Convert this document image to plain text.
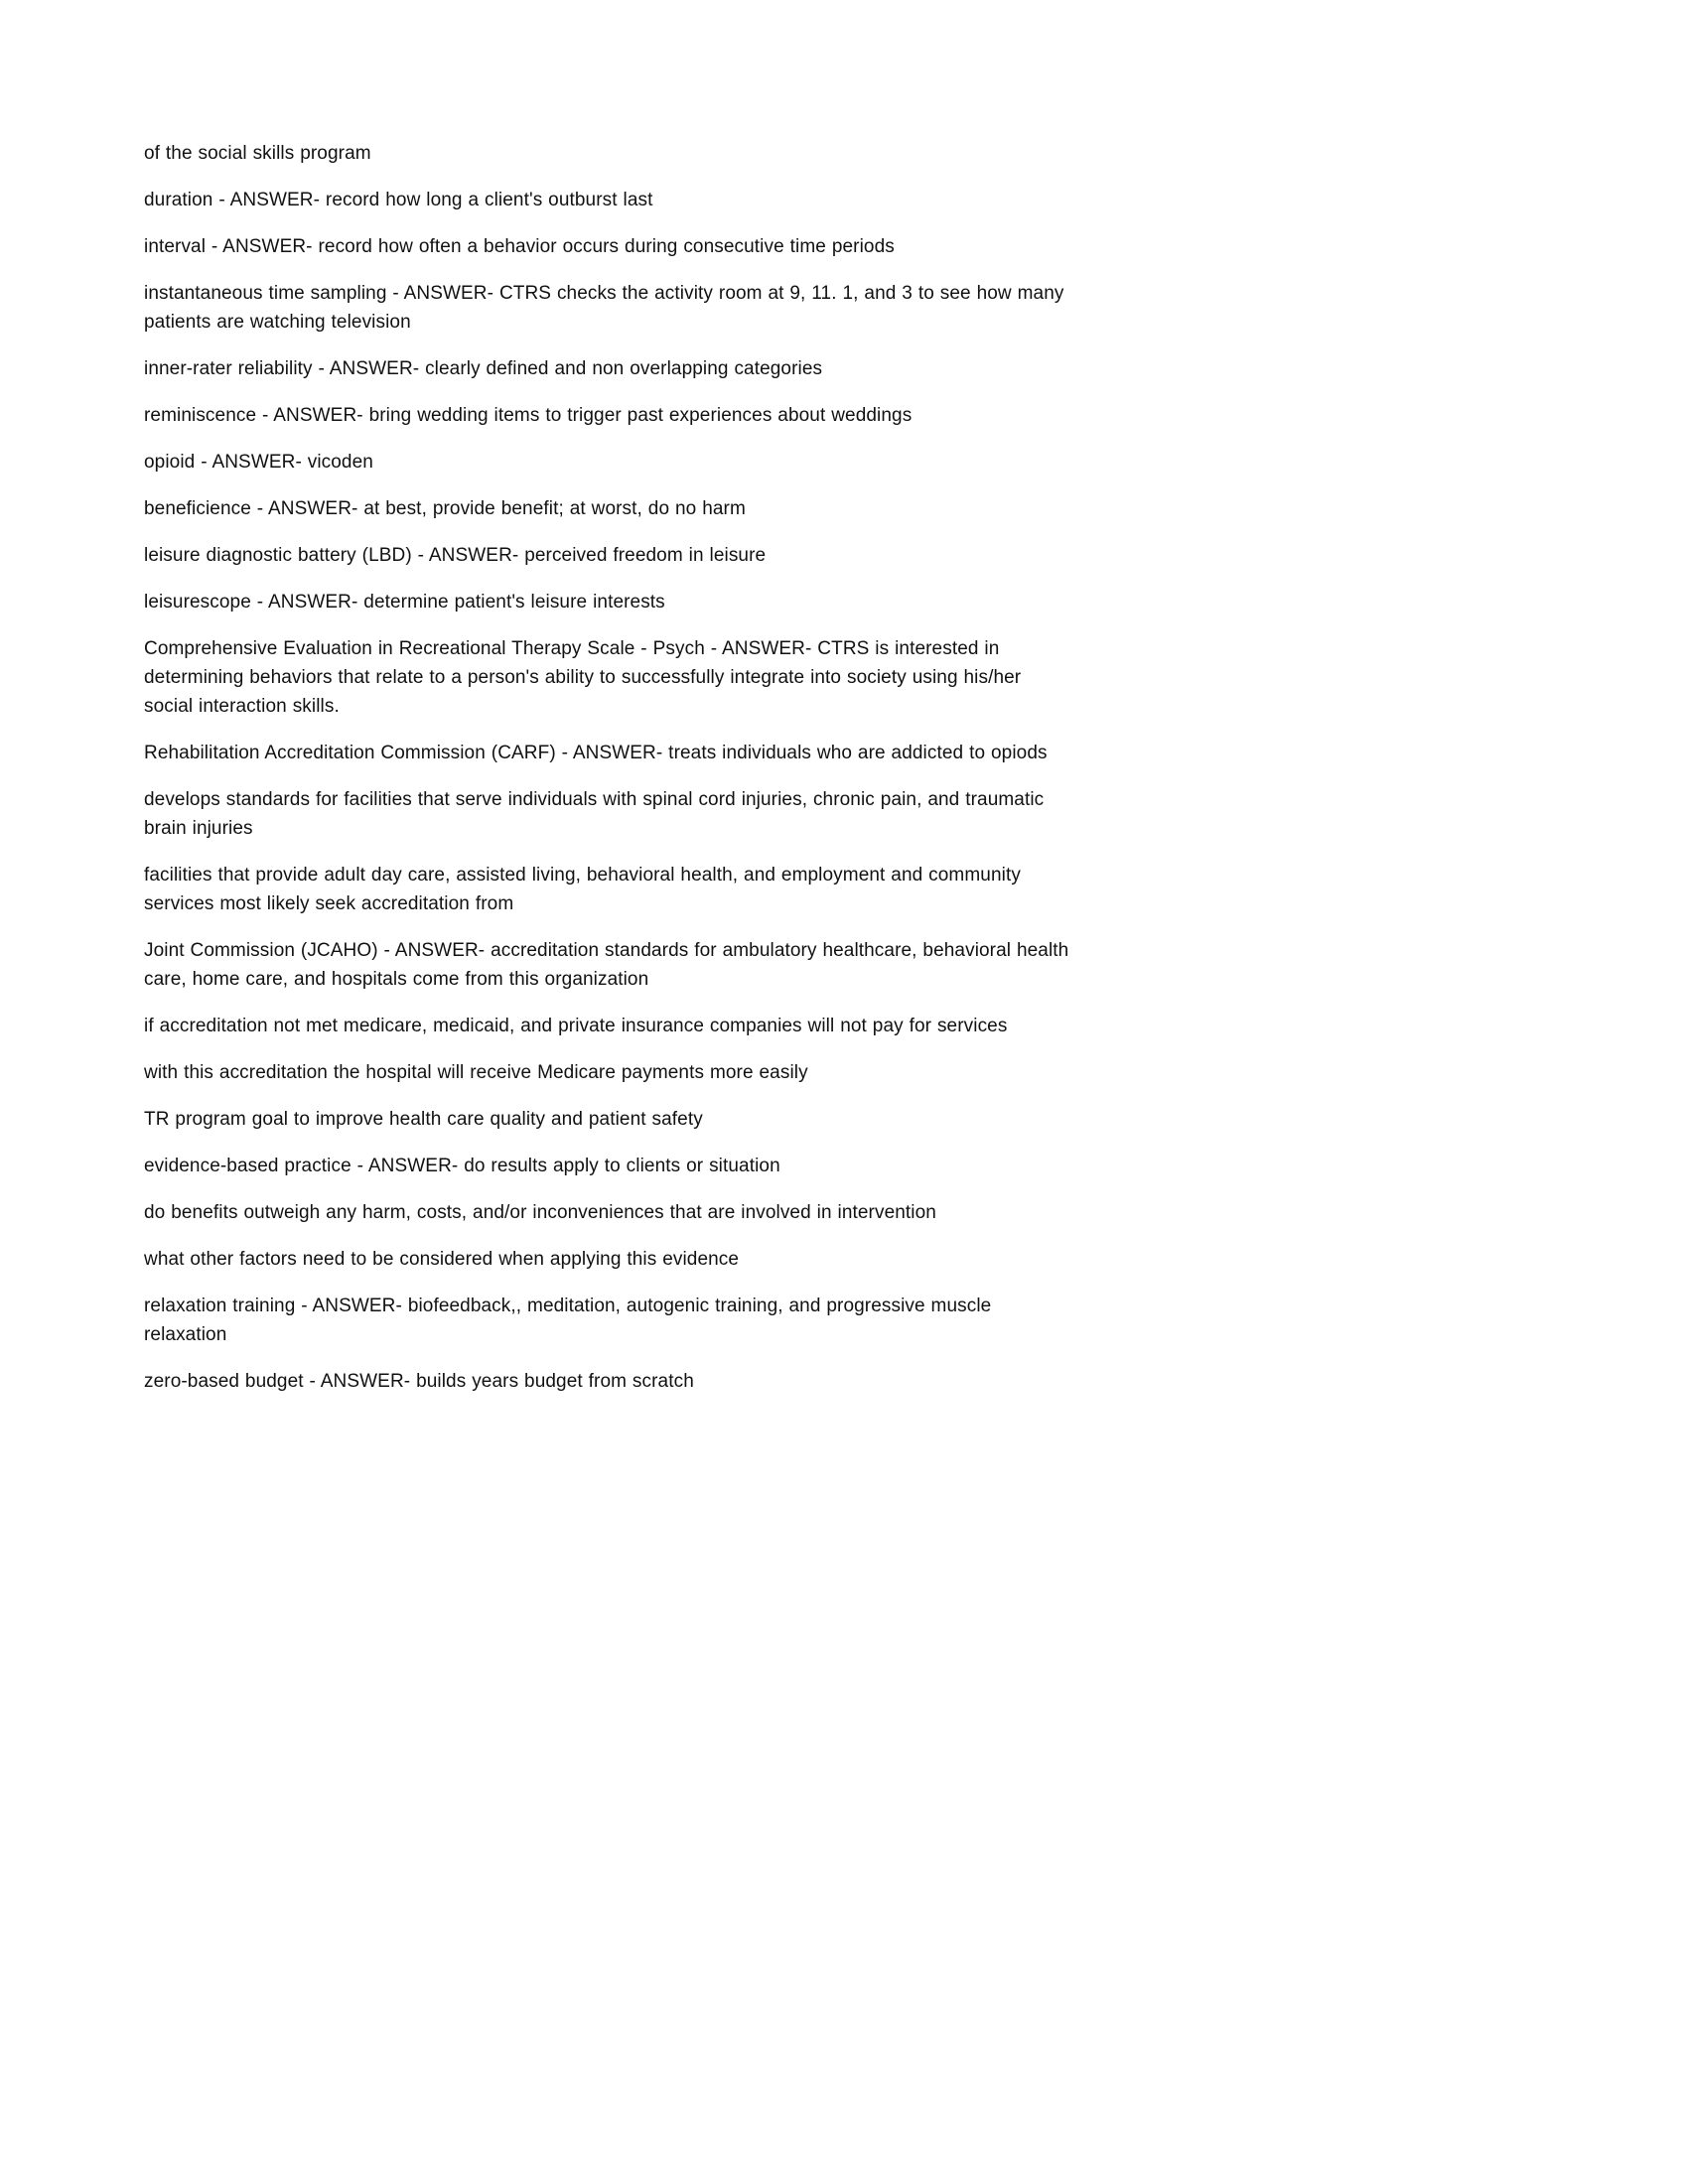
of the social skills program

duration - ANSWER- record how long a client's outburst last

interval - ANSWER- record how often a behavior occurs during consecutive time periods

instantaneous time sampling - ANSWER- CTRS checks the activity room at 9, 11. 1, and 3 to see how many patients are watching television

inner-rater reliability - ANSWER- clearly defined and non overlapping categories

reminiscence - ANSWER- bring wedding items to trigger past experiences about weddings

opioid - ANSWER- vicoden

beneficience - ANSWER- at best, provide benefit; at worst, do no harm

leisure diagnostic battery (LBD) - ANSWER- perceived freedom in leisure

leisurescope - ANSWER- determine patient's leisure interests

Comprehensive Evaluation in Recreational Therapy Scale - Psych - ANSWER- CTRS is interested in determining behaviors that relate to a person's ability to successfully integrate into society using his/her social interaction skills.

Rehabilitation Accreditation Commission (CARF) - ANSWER- treats individuals who are addicted to opiods

develops standards for facilities that serve individuals with spinal cord injuries, chronic pain, and traumatic brain injuries

facilities that provide adult day care, assisted living, behavioral health, and employment and community services most likely seek accreditation from

Joint Commission (JCAHO) - ANSWER- accreditation standards for ambulatory healthcare, behavioral health care, home care, and hospitals come from this organization

if accreditation not met medicare, medicaid, and private insurance companies will not pay for services

with this accreditation the hospital will receive Medicare payments more easily

TR program goal to improve health care quality and patient safety

evidence-based practice - ANSWER- do results apply to clients or situation

do benefits outweigh any harm, costs, and/or inconveniences that are involved in intervention

what other factors need to be considered when applying this evidence

relaxation training - ANSWER- biofeedback,, meditation, autogenic training, and progressive muscle relaxation

zero-based budget - ANSWER- builds years budget from scratch
